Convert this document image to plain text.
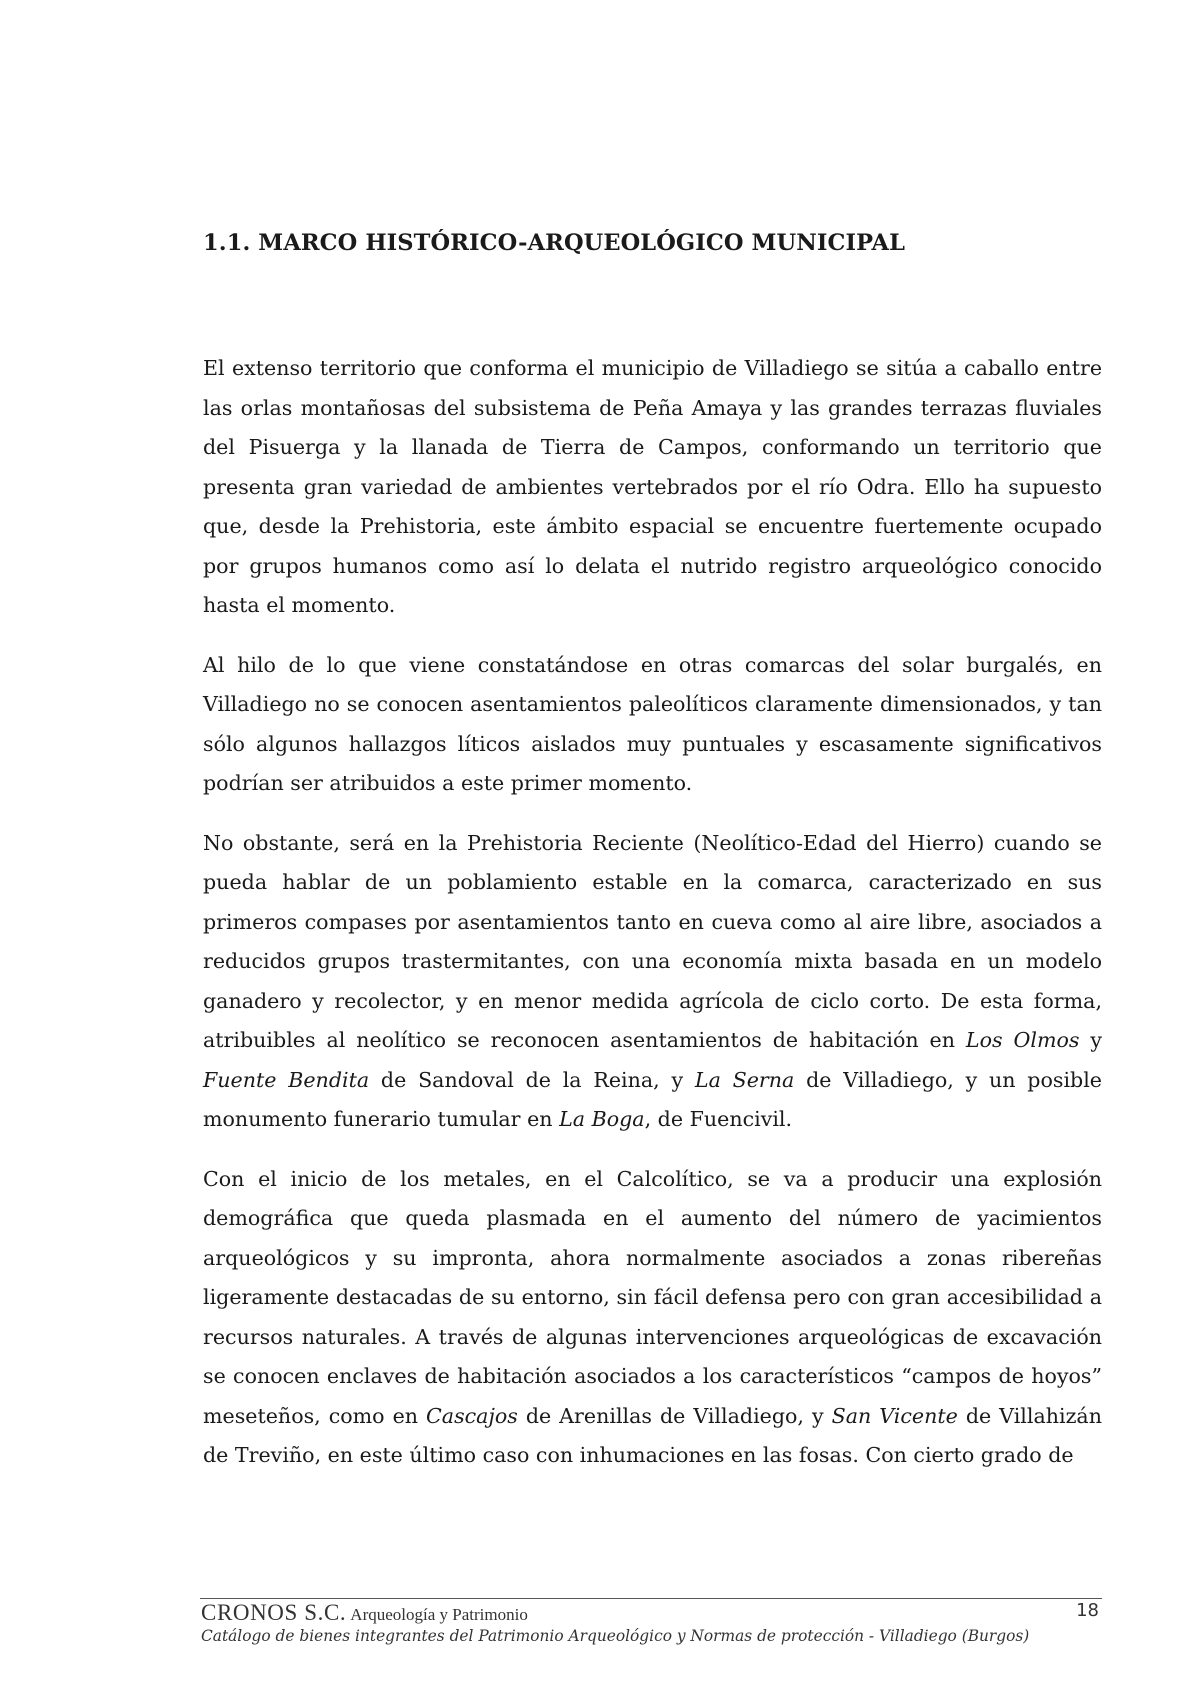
1.1. MARCO HISTÓRICO-ARQUEOLÓGICO MUNICIPAL

El extenso territorio que conforma el municipio de Villadiego se sitúa a caballo entre las orlas montañosas del subsistema de Peña Amaya y las grandes terrazas fluviales del Pisuerga y la llanada de Tierra de Campos, conformando un territorio que presenta gran variedad de ambientes vertebrados por el río Odra. Ello ha supuesto que, desde la Prehistoria, este ámbito espacial se encuentre fuertemente ocupado por grupos humanos como así lo delata el nutrido registro arqueológico conocido hasta el momento.

Al hilo de lo que viene constatándose en otras comarcas del solar burgalés, en Villadiego no se conocen asentamientos paleolíticos claramente dimensionados, y tan sólo algunos hallazgos líticos aislados muy puntuales y escasamente significativos podrían ser atribuidos a este primer momento.

No obstante, será en la Prehistoria Reciente (Neolítico-Edad del Hierro) cuando se pueda hablar de un poblamiento estable en la comarca, caracterizado en sus primeros compases por asentamientos tanto en cueva como al aire libre, asociados a reducidos grupos trastermitantes, con una economía mixta basada en un modelo ganadero y recolector, y en menor medida agrícola de ciclo corto. De esta forma, atribuibles al neolítico se reconocen asentamientos de habitación en Los Olmos y Fuente Bendita de Sandoval de la Reina, y La Serna de Villadiego, y un posible monumento funerario tumular en La Boga, de Fuencivil.

Con el inicio de los metales, en el Calcolítico, se va a producir una explosión demográfica que queda plasmada en el aumento del número de yacimientos arqueológicos y su impronta, ahora normalmente asociados a zonas ribereñas ligeramente destacadas de su entorno, sin fácil defensa pero con gran accesibilidad a recursos naturales. A través de algunas intervenciones arqueológicas de excavación se conocen enclaves de habitación asociados a los característicos “campos de hoyos” meseteños, como en Cascajos de Arenillas de Villadiego, y San Vicente de Villahizán de Treviño, en este último caso con inhumaciones en las fosas. Con cierto grado de

CRONOS S.C. Arqueología y Patrimonio	18
Catálogo de bienes integrantes del Patrimonio Arqueológico y Normas de protección - Villadiego (Burgos)
